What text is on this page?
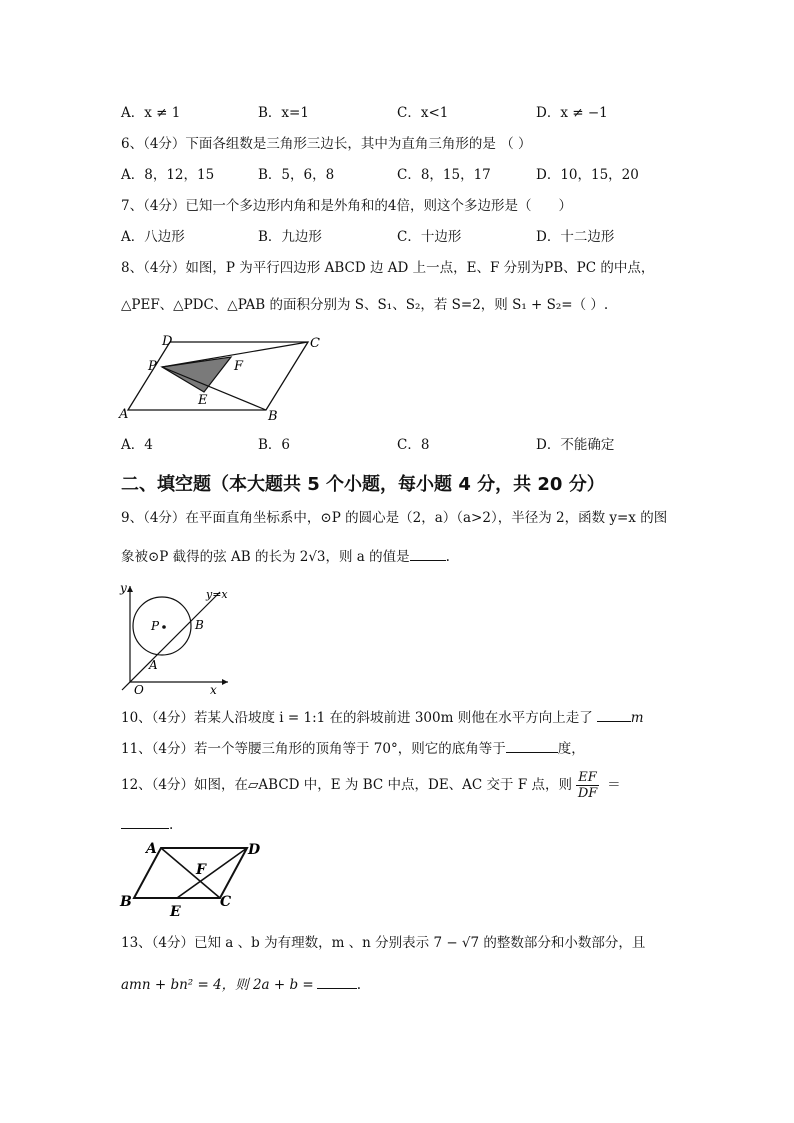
A．x ≠ 1	B．x=1	C．x<1	D．x ≠ −1
6、（4分）下面各组数是三角形三边长，其中为直角三角形的是 （ ）
A．8，12，15	B．5，6，8	C．8，15，17	D．10，15，20
7、（4分）已知一个多边形内角和是外角和的4倍，则这个多边形是（　　）
A．八边形	B．九边形	C．十边形	D．十二边形
8、（4分）如图，P 为平行四边形 ABCD 边 AD 上一点，E、F 分别为PB、PC 的中点，
△PEF、△PDC、△PAB 的面积分别为 S、S₁、S₂，若 S=2，则 S₁ + S₂=（ ）.
D	C
P	F
E
A	B
A．4	B．6	C．8	D．不能确定
二、填空题（本大题共 5 个小题，每小题 4 分，共 20 分）
9、（4分）在平面直角坐标系中，⊙P 的圆心是（2，a）（a>2），半径为 2，函数 y=x 的图
象被⊙P 截得的弦 AB 的长为 2√3，则 a 的值是	.
y	y=x
P	B
A
O	x
10、（4分）若某人沿坡度 i = 1:1 在的斜坡前进 300m 则他在水平方向上走了	m
11、（4分）若一个等腰三角形的顶角等于 70°，则它的底角等于	度，
12、（4分）如图，在▱ABCD 中，E 为 BC 中点，DE、AC 交于 F 点，则 $\frac{EF}{DF}$ ＝
.
A	D
F
B
E
C
13、（4分）已知 a 、b 为有理数，m 、n 分别表示 7 − √7 的整数部分和小数部分，且
amn + bn² = 4，则 2a + b =	.
